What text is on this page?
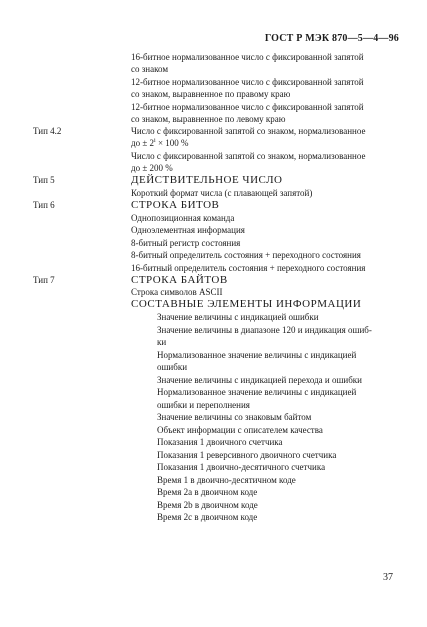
ГОСТ Р МЭК 870—5—4—96
16-битное нормализованное число с фиксированной запятой
со знаком
12-битное нормализованное число с фиксированной запятой
со знаком, выравненное по правому краю
12-битное нормализованное число с фиксированной запятой
со знаком, выравненное по левому краю
Тип 4.2	Число с фиксированной запятой со знаком, нормализованное
до ± $2^i \times 100$ %
Число с фиксированной запятой со знаком, нормализованное
до ± 200 %
Тип 5	ДЕЙСТВИТЕЛЬНОЕ ЧИСЛО
Короткий формат числа (с плавающей запятой)
Тип 6	СТРОКА БИТОВ
Однопозиционная команда
Одноэлементная информация
8-битный регистр состояния
8-битный определитель состояния + переходного состояния
16-битный определитель состояния + переходного состояния
Тип 7	СТРОКА БАЙТОВ
Строка символов ASCII
СОСТАВНЫЕ ЭЛЕМЕНТЫ ИНФОРМАЦИИ
Значение величины с индикацией ошибки
Значение величины в диапазоне 120 и индикация ошиб-
ки
Нормализованное значение величины с индикацией
ошибки
Значение величины с индикацией перехода и ошибки
Нормализованное значение величины с индикацией
ошибки и переполнения
Значение величины со знаковым байтом
Объект информации с описателем качества
Показания 1 двоичного счетчика
Показания 1 реверсивного двоичного счетчика
Показания 1 двоично-десятичного счетчика
Время 1 в двоично-десятичном коде
Время 2a в двоичном коде
Время 2b в двоичном коде
Время 2c в двоичном коде
37
